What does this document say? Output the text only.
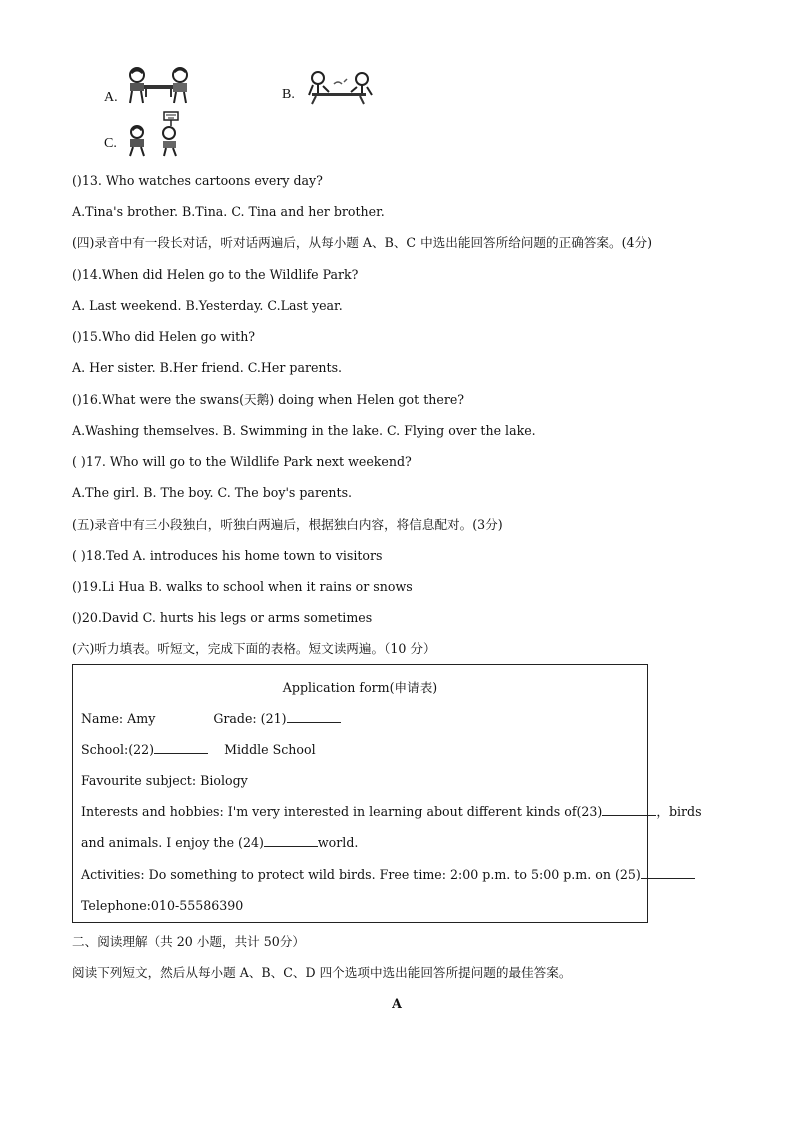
A.	B.
C.
()13. Who watches cartoons every day?
A.Tina's brother. B.Tina. C. Tina and her brother.
(四)录音中有一段长对话，听对话两遍后，从每小题 A、B、C 中选出能回答所给问题的正确答案。(4分)
()14.When did Helen go to the Wildlife Park?
A. Last weekend. B.Yesterday. C.Last year.
()15.Who did Helen go with?
A. Her sister. B.Her friend. C.Her parents.
()16.What were the swans(天鹅) doing when Helen got there?
A.Washing themselves. B. Swimming in the lake. C. Flying over the lake.
( )17. Who will go to the Wildlife Park next weekend?
A.The girl. B. The boy. C. The boy's parents.
(五)录音中有三小段独白，听独白两遍后，根据独白内容，将信息配对。(3分)
( )18.Ted A. introduces his home town to visitors
()19.Li Hua B. walks to school when it rains or snows
()20.David C. hurts his legs or arms sometimes
(六)听力填表。听短文，完成下面的表格。短文读两遍。（10 分）
Application form(申请表)
Name: Amy	Grade: (21)
School:(22)	Middle School
Favourite subject: Biology
Interests and hobbies: I'm very interested in learning about different kinds of(23)	，birds
and animals. I enjoy the (24)	world.
Activities: Do something to protect wild birds. Free time: 2:00 p.m. to 5:00 p.m. on (25)
Telephone:010-55586390
二、阅读理解（共 20 小题，共计 50分）
阅读下列短文，然后从每小题 A、B、C、D 四个选项中选出能回答所提问题的最佳答案。
A
